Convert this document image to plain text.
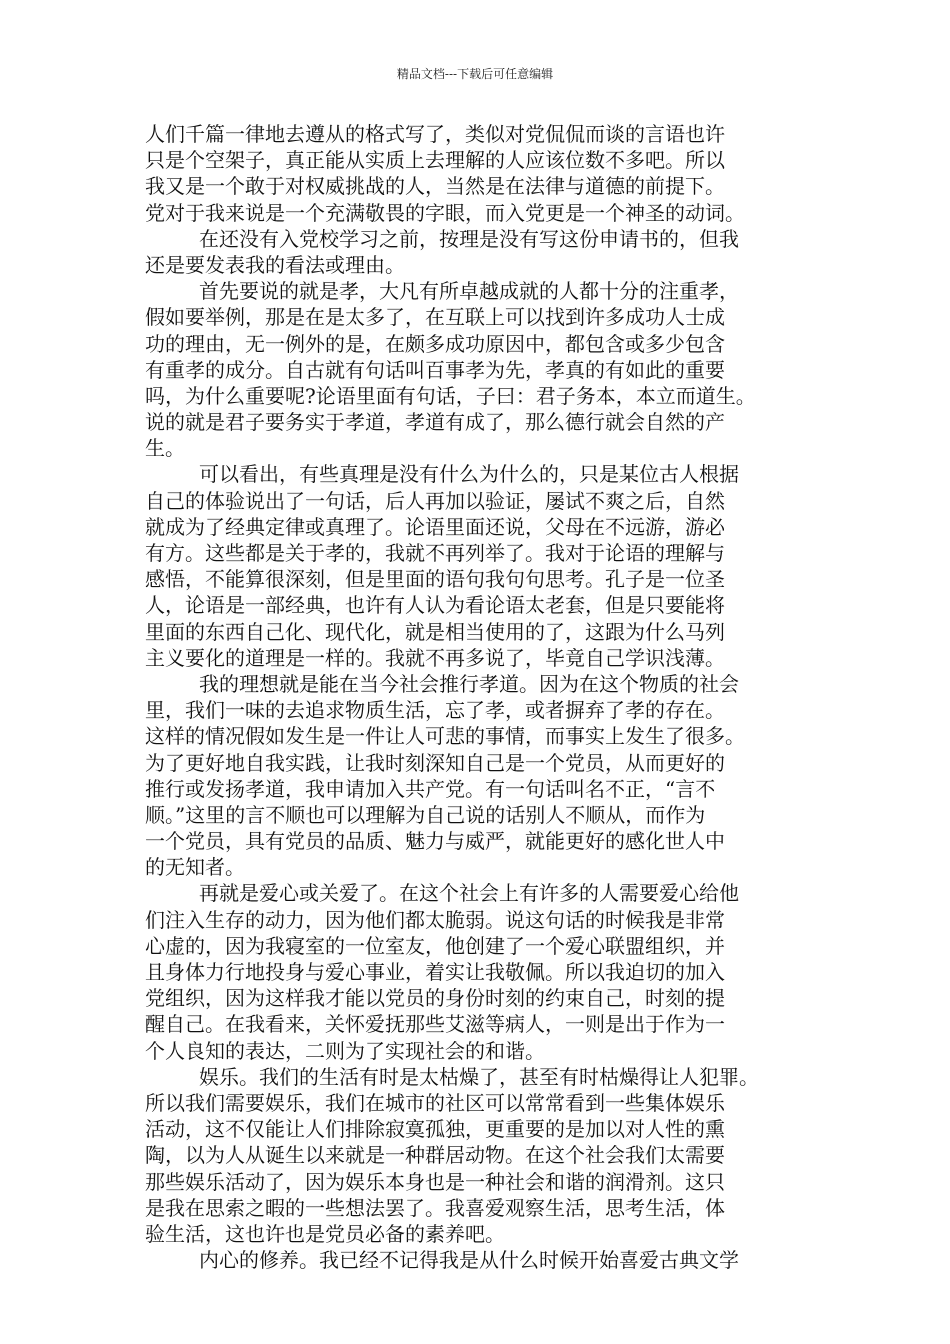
精品文档---下载后可任意编辑
人们千篇一律地去遵从的格式写了，类似对党侃侃而谈的言语也许
只是个空架子，真正能从实质上去理解的人应该位数不多吧。所以
我又是一个敢于对权威挑战的人，当然是在法律与道德的前提下。
党对于我来说是一个充满敬畏的字眼，而入党更是一个神圣的动词。
在还没有入党校学习之前，按理是没有写这份申请书的，但我
还是要发表我的看法或理由。
首先要说的就是孝，大凡有所卓越成就的人都十分的注重孝，
假如要举例，那是在是太多了，在互联上可以找到许多成功人士成
功的理由，无一例外的是，在颇多成功原因中，都包含或多少包含
有重孝的成分。自古就有句话叫百事孝为先，孝真的有如此的重要
吗，为什么重要呢?论语里面有句话，子曰：君子务本，本立而道生。
说的就是君子要务实于孝道，孝道有成了，那么德行就会自然的产
生。
可以看出，有些真理是没有什么为什么的，只是某位古人根据
自己的体验说出了一句话，后人再加以验证，屡试不爽之后，自然
就成为了经典定律或真理了。论语里面还说，父母在不远游，游必
有方。这些都是关于孝的，我就不再列举了。我对于论语的理解与
感悟，不能算很深刻，但是里面的语句我句句思考。孔子是一位圣
人，论语是一部经典，也许有人认为看论语太老套，但是只要能将
里面的东西自己化、现代化，就是相当使用的了，这跟为什么马列
主义要化的道理是一样的。我就不再多说了，毕竟自己学识浅薄。
我的理想就是能在当今社会推行孝道。因为在这个物质的社会
里，我们一味的去追求物质生活，忘了孝，或者摒弃了孝的存在。
这样的情况假如发生是一件让人可悲的事情，而事实上发生了很多。
为了更好地自我实践，让我时刻深知自己是一个党员，从而更好的
推行或发扬孝道，我申请加入共产党。有一句话叫名不正，“言不
顺。”这里的言不顺也可以理解为自己说的话别人不顺从，而作为
一个党员，具有党员的品质、魅力与威严，就能更好的感化世人中
的无知者。
再就是爱心或关爱了。在这个社会上有许多的人需要爱心给他
们注入生存的动力，因为他们都太脆弱。说这句话的时候我是非常
心虚的，因为我寝室的一位室友，他创建了一个爱心联盟组织，并
且身体力行地投身与爱心事业，着实让我敬佩。所以我迫切的加入
党组织，因为这样我才能以党员的身份时刻的约束自己，时刻的提
醒自己。在我看来，关怀爱抚那些艾滋等病人，一则是出于作为一
个人良知的表达，二则为了实现社会的和谐。
娱乐。我们的生活有时是太枯燥了，甚至有时枯燥得让人犯罪。
所以我们需要娱乐，我们在城市的社区可以常常看到一些集体娱乐
活动，这不仅能让人们排除寂寞孤独，更重要的是加以对人性的熏
陶，以为人从诞生以来就是一种群居动物。在这个社会我们太需要
那些娱乐活动了，因为娱乐本身也是一种社会和谐的润滑剂。这只
是我在思索之暇的一些想法罢了。我喜爱观察生活，思考生活，体
验生活，这也许也是党员必备的素养吧。
内心的修养。我已经不记得我是从什么时候开始喜爱古典文学
